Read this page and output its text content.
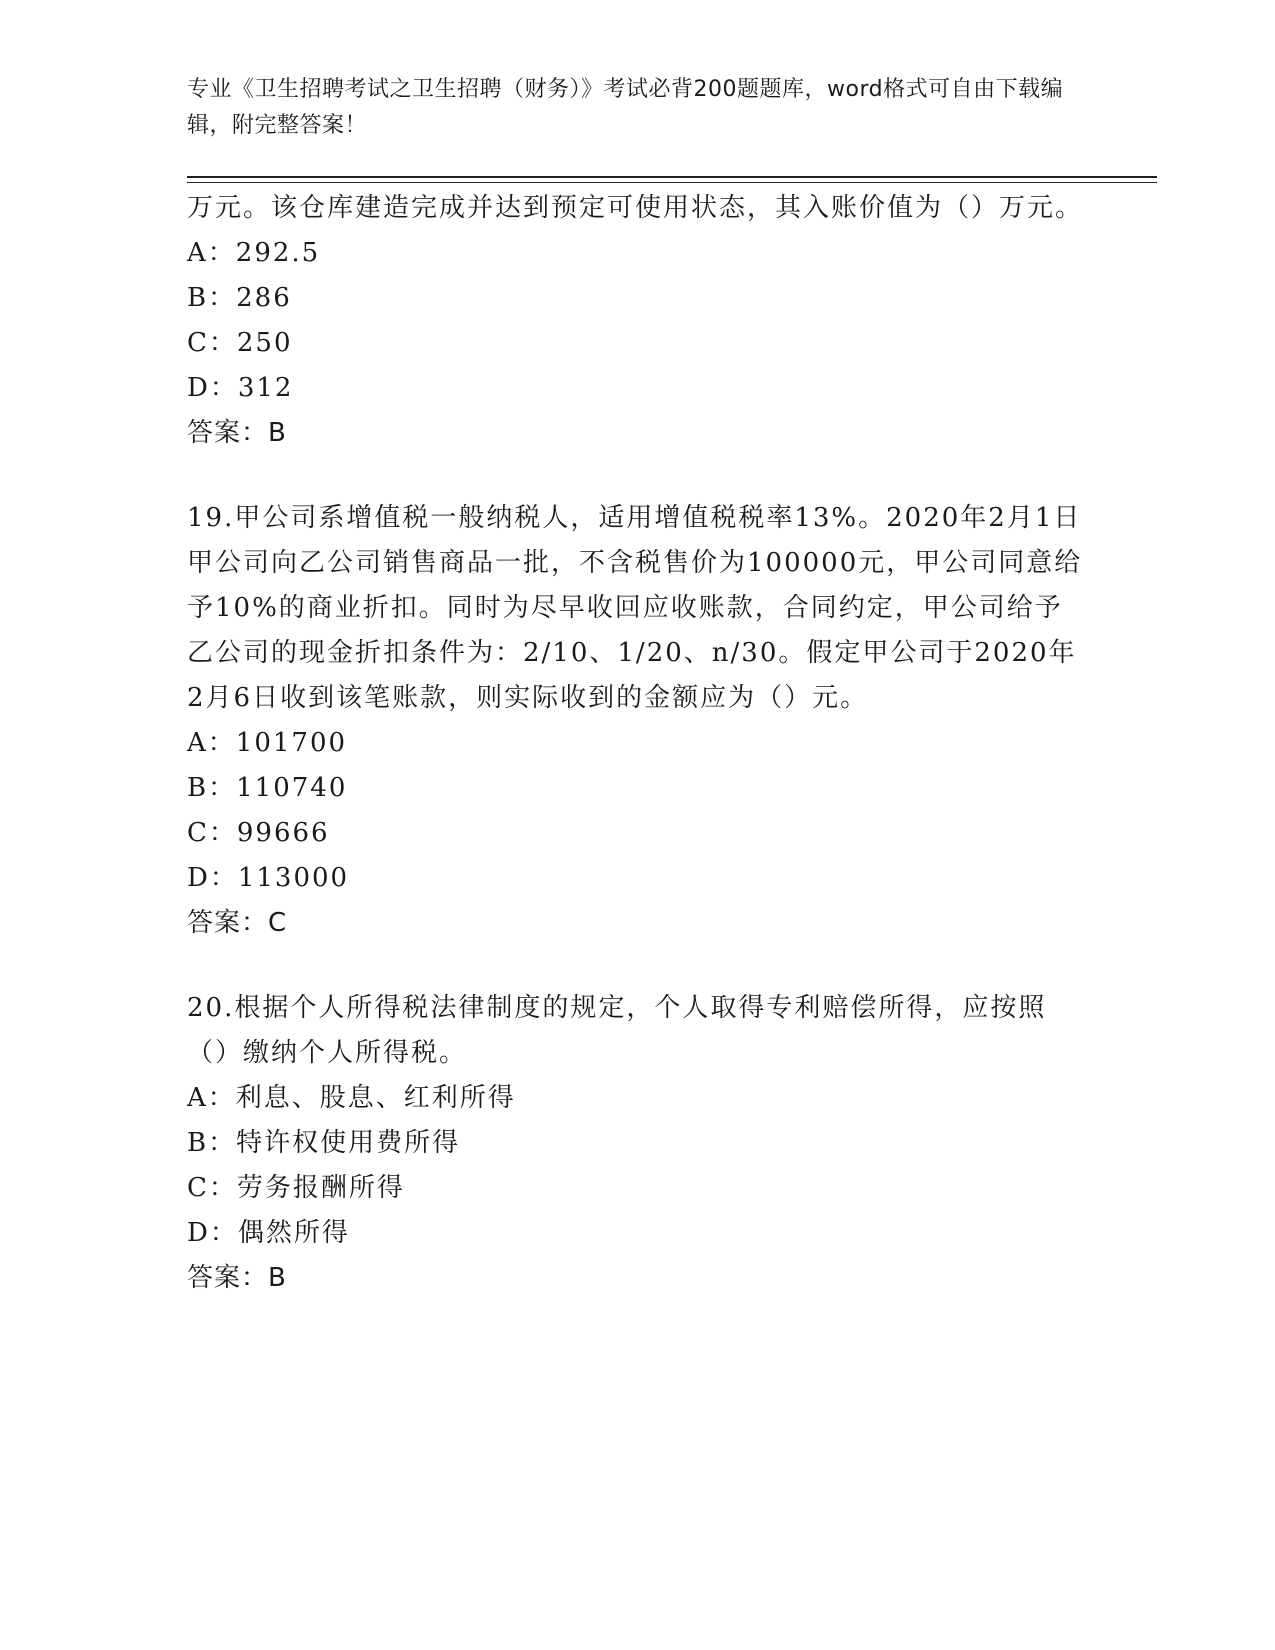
专业《卫生招聘考试之卫生招聘（财务）》考试必背200题题库，word格式可自由下载编辑，附完整答案！

万元。该仓库建造完成并达到预定可使用状态，其入账价值为（）万元。

A：292.5
B：286
C：250
D：312
答案：B

19.甲公司系增值税一般纳税人，适用增值税税率13%。2020年2月1日甲公司向乙公司销售商品一批，不含税售价为100000元，甲公司同意给予10%的商业折扣。同时为尽早收回应收账款，合同约定，甲公司给予乙公司的现金折扣条件为：2/10、1/20、n/30。假定甲公司于2020年2月6日收到该笔账款，则实际收到的金额应为（）元。

A：101700
B：110740
C：99666
D：113000
答案：C

20.根据个人所得税法律制度的规定，个人取得专利赔偿所得，应按照（）缴纳个人所得税。

A：利息、股息、红利所得
B：特许权使用费所得
C：劳务报酬所得
D：偶然所得
答案：B
